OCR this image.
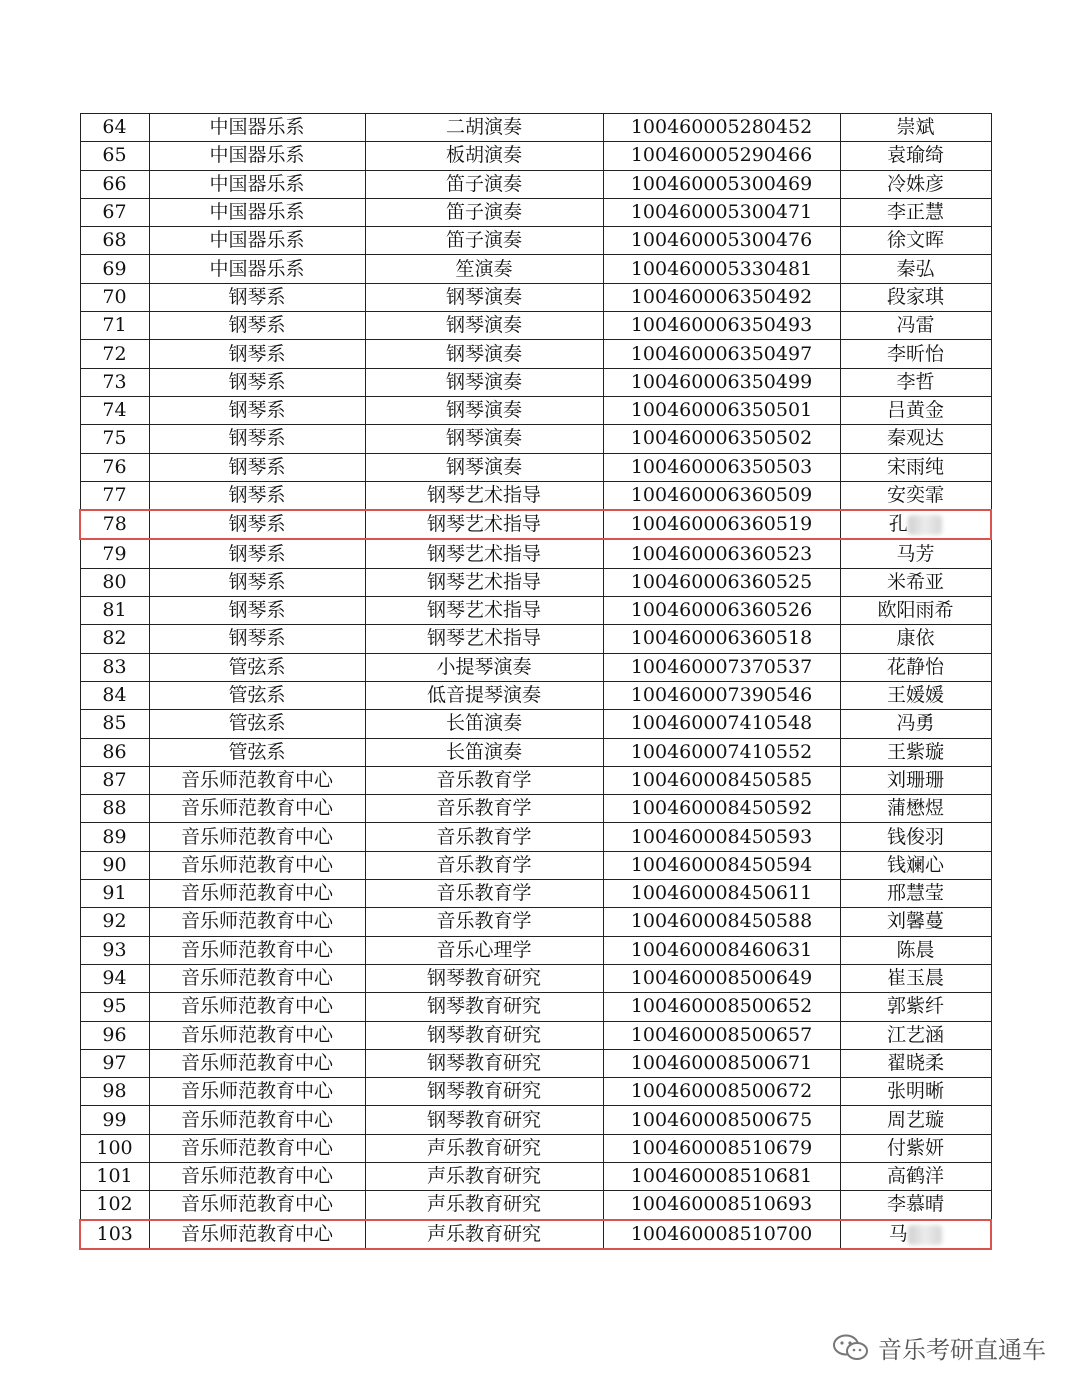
64	中国器乐系	二胡演奏	100460005280452	崇斌
65	中国器乐系	板胡演奏	100460005290466	袁瑜绮
66	中国器乐系	笛子演奏	100460005300469	冷姝彦
67	中国器乐系	笛子演奏	100460005300471	李正慧
68	中国器乐系	笛子演奏	100460005300476	徐文晖
69	中国器乐系	笙演奏	100460005330481	秦弘
70	钢琴系	钢琴演奏	100460006350492	段家琪
71	钢琴系	钢琴演奏	100460006350493	冯雷
72	钢琴系	钢琴演奏	100460006350497	李昕怡
73	钢琴系	钢琴演奏	100460006350499	李哲
74	钢琴系	钢琴演奏	100460006350501	吕黄金
75	钢琴系	钢琴演奏	100460006350502	秦观达
76	钢琴系	钢琴演奏	100460006350503	宋雨纯
77	钢琴系	钢琴艺术指导	100460006360509	安奕霏
78	钢琴系	钢琴艺术指导	100460006360519	孔
79	钢琴系	钢琴艺术指导	100460006360523	马芳
80	钢琴系	钢琴艺术指导	100460006360525	米希亚
81	钢琴系	钢琴艺术指导	100460006360526	欧阳雨希
82	钢琴系	钢琴艺术指导	100460006360518	康依
83	管弦系	小提琴演奏	100460007370537	花静怡
84	管弦系	低音提琴演奏	100460007390546	王媛媛
85	管弦系	长笛演奏	100460007410548	冯勇
86	管弦系	长笛演奏	100460007410552	王紫璇
87	音乐师范教育中心	音乐教育学	100460008450585	刘珊珊
88	音乐师范教育中心	音乐教育学	100460008450592	蒲懋煜
89	音乐师范教育中心	音乐教育学	100460008450593	钱俊羽
90	音乐师范教育中心	音乐教育学	100460008450594	钱斓心
91	音乐师范教育中心	音乐教育学	100460008450611	邢慧莹
92	音乐师范教育中心	音乐教育学	100460008450588	刘馨蔓
93	音乐师范教育中心	音乐心理学	100460008460631	陈晨
94	音乐师范教育中心	钢琴教育研究	100460008500649	崔玉晨
95	音乐师范教育中心	钢琴教育研究	100460008500652	郭紫纤
96	音乐师范教育中心	钢琴教育研究	100460008500657	江艺涵
97	音乐师范教育中心	钢琴教育研究	100460008500671	翟晓柔
98	音乐师范教育中心	钢琴教育研究	100460008500672	张明晰
99	音乐师范教育中心	钢琴教育研究	100460008500675	周艺璇
100	音乐师范教育中心	声乐教育研究	100460008510679	付紫妍
101	音乐师范教育中心	声乐教育研究	100460008510681	高鹤洋
102	音乐师范教育中心	声乐教育研究	100460008510693	李慕晴
103	音乐师范教育中心	声乐教育研究	100460008510700	马
音乐考研直通车
